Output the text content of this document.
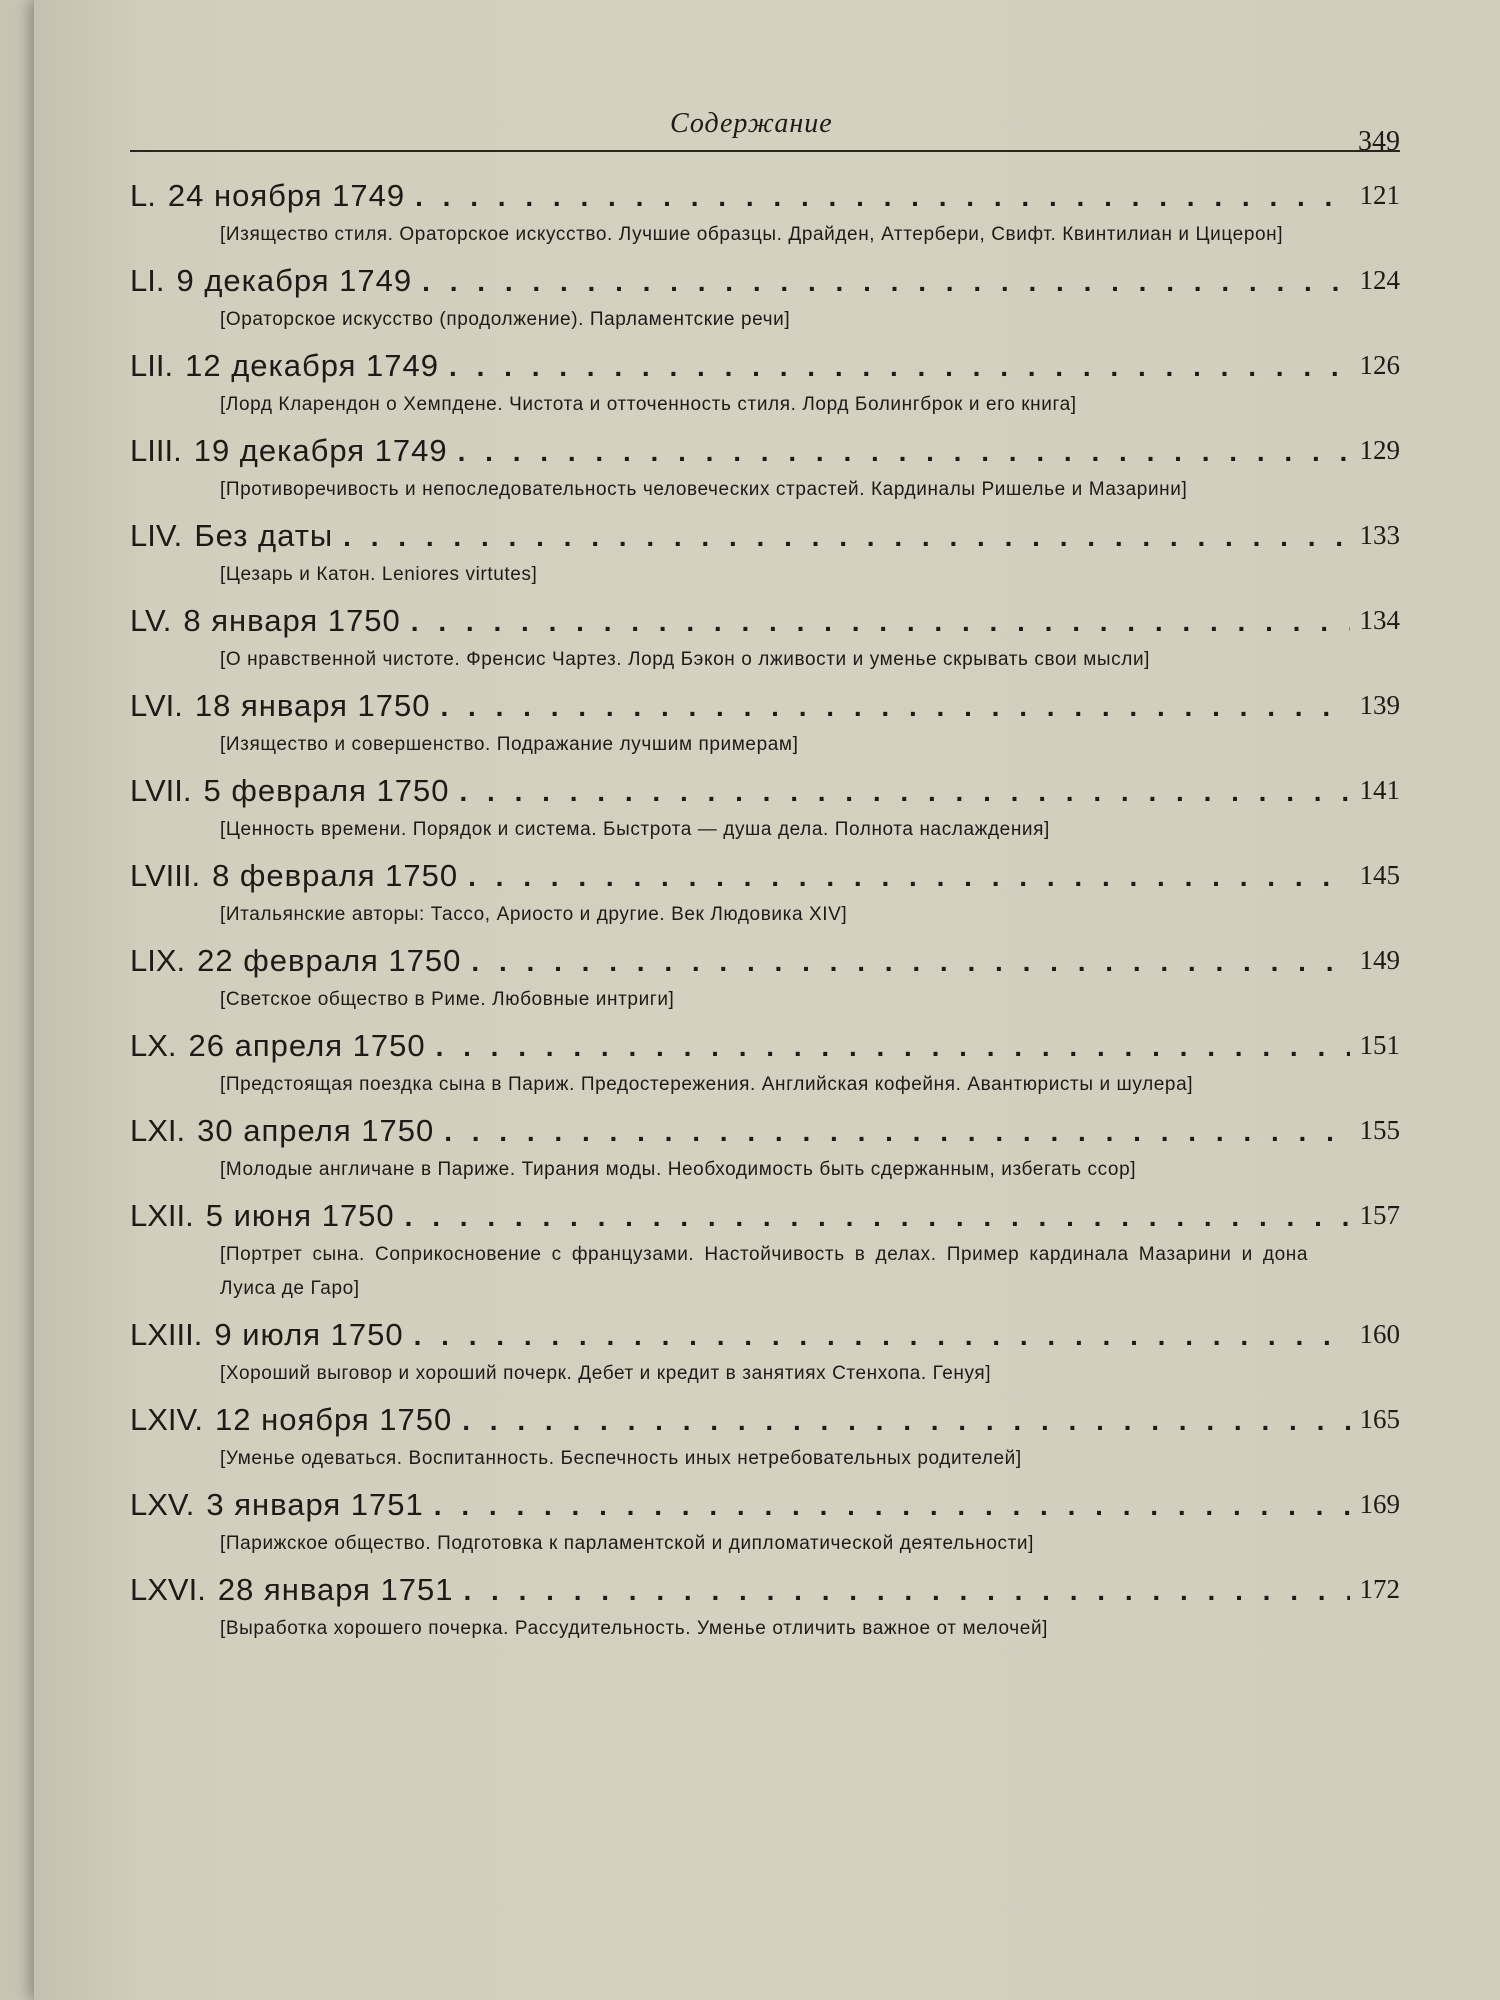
Содержание
349
L. 24 ноября 1749 . . .	121
[Изящество стиля. Ораторское искусство. Лучшие образцы. Драйден, Аттербери, Свифт. Квинтилиан и Цицерон]
LI. 9 декабря 1749 . . .	124
[Ораторское искусство (продолжение). Парламентские речи]
LII. 12 декабря 1749 . . .	126
[Лорд Кларендон о Хемпдене. Чистота и отточенность стиля. Лорд Болингброк и его книга]
LIII. 19 декабря 1749 . . .	129
[Противоречивость и непоследовательность человеческих страстей. Кардиналы Ришелье и Мазарини]
LIV. Без даты . . .	133
[Цезарь и Катон. Leniores virtutes]
LV. 8 января 1750 . . .	134
[О нравственной чистоте. Френсис Чартез. Лорд Бэкон о лживости и уменье скрывать свои мысли]
LVI. 18 января 1750 . . .	139
[Изящество и совершенство. Подражание лучшим примерам]
LVII. 5 февраля 1750 . . .	141
[Ценность времени. Порядок и система. Быстрота — душа дела. Полнота наслаждения]
LVIII. 8 февраля 1750 . . .	145
[Итальянские авторы: Тассо, Ариосто и другие. Век Людовика XIV]
LIX. 22 февраля 1750 . . .	149
[Светское общество в Риме. Любовные интриги]
LX. 26 апреля 1750 . . .	151
[Предстоящая поездка сына в Париж. Предостережения. Английская кофейня. Авантюристы и шулера]
LXI. 30 апреля 1750 . . .	155
[Молодые англичане в Париже. Тирания моды. Необходимость быть сдержанным, избегать ссор]
LXII. 5 июня 1750 . . .	157
[Портрет сына. Соприкосновение с французами. Настойчивость в делах. Пример кардинала Мазарини и дона Луиса де Гаро]
LXIII. 9 июля 1750 . . .	160
[Хороший выговор и хороший почерк. Дебет и кредит в занятиях Стенхопа. Генуя]
LXIV. 12 ноября 1750 . . .	165
[Уменье одеваться. Воспитанность. Беспечность иных нетребовательных родителей]
LXV. 3 января 1751 . . .	169
[Парижское общество. Подготовка к парламентской и дипломатической деятельности]
LXVI. 28 января 1751 . . .	172
[Выработка хорошего почерка. Рассудительность. Уменье отличить важное от мелочей]
